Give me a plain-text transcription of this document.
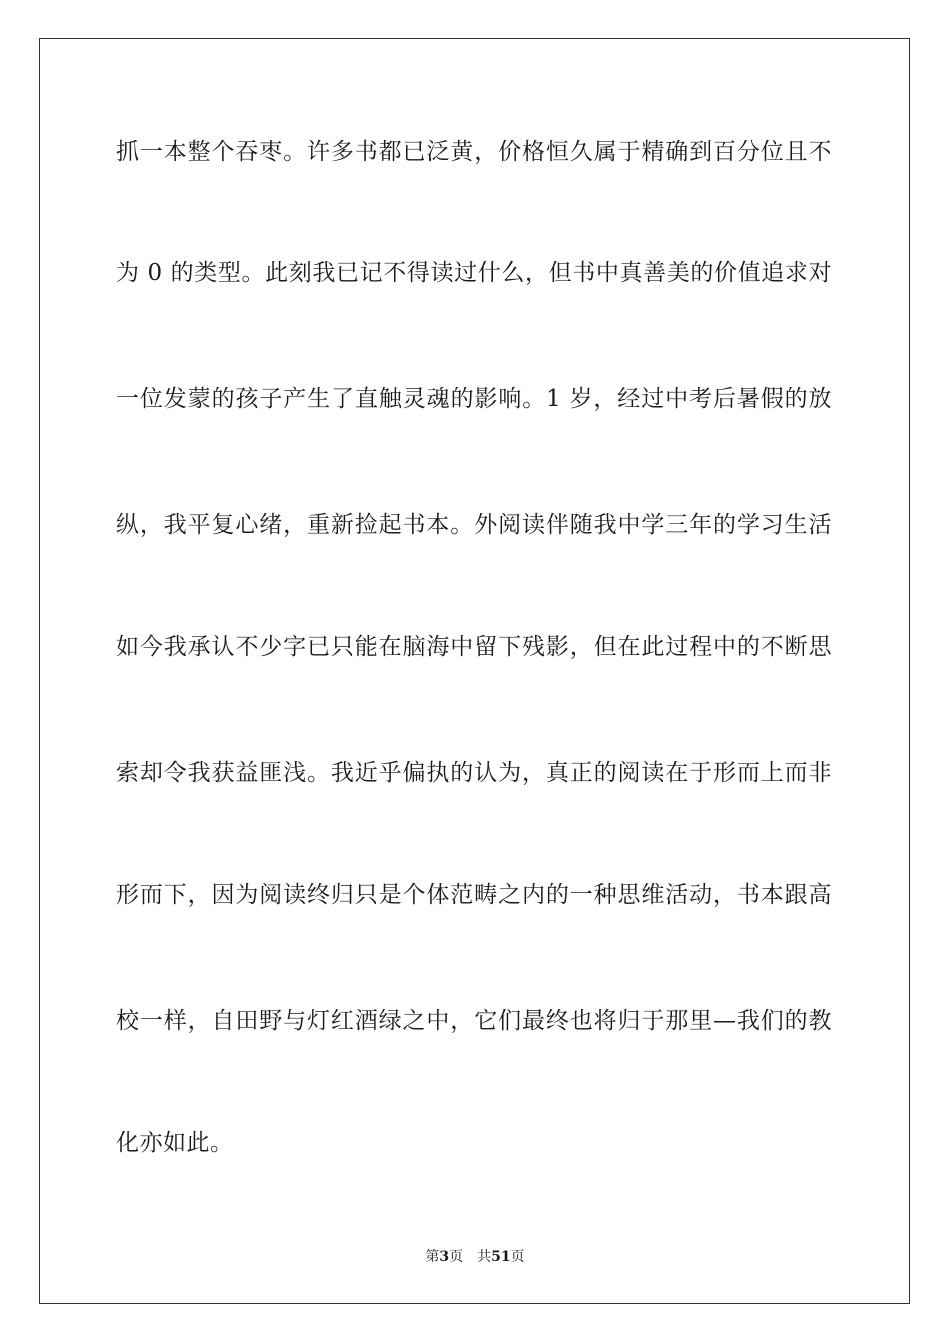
抓一本整个吞枣。许多书都已泛黄，价格恒久属于精确到百分位且不
为 0 的类型。此刻我已记不得读过什么，但书中真善美的价值追求对
一位发蒙的孩子产生了直触灵魂的影响。1 岁，经过中考后暑假的放
纵，我平复心绪，重新捡起书本。外阅读伴随我中学三年的学习生活
如今我承认不少字已只能在脑海中留下残影，但在此过程中的不断思
索却令我获益匪浅。我近乎偏执的认为，真正的阅读在于形而上而非
形而下，因为阅读终归只是个体范畴之内的一种思维活动，书本跟高
校一样，自田野与灯红酒绿之中，它们最终也将归于那里—我们的教
化亦如此。
第3页 共51页
